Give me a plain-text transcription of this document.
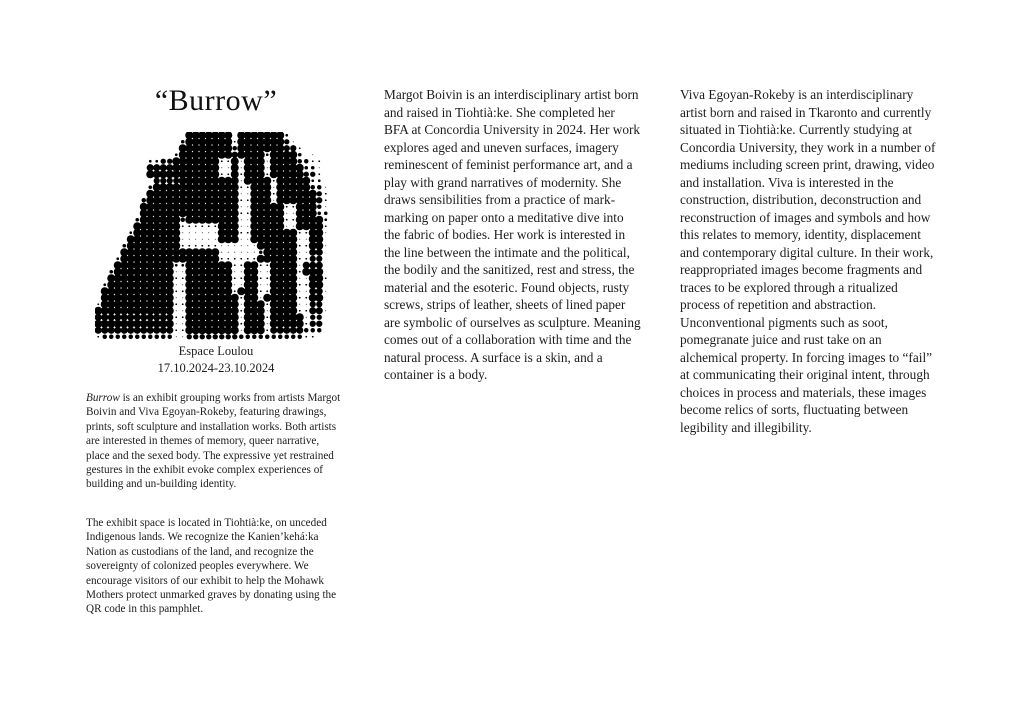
“Burrow”
Espace Loulou
17.10.2024-23.10.2024
Burrow is an exhibit grouping works from artists Margot Boivin and Viva Egoyan-Rokeby, featuring drawings, prints, soft sculpture and installation works. Both artists are interested in themes of memory, queer narrative, place and the sexed body. The expressive yet restrained gestures in the exhibit evoke complex experiences of building and un-building identity.
The exhibit space is located in Tiohtià:ke, on unceded Indigenous lands. We recognize the Kanien’kehá:ka Nation as custodians of the land, and recognize the sovereignty of colonized peoples everywhere. We encourage visitors of our exhibit to help the Mohawk Mothers protect unmarked graves by donating using the QR code in this pamphlet.
Margot Boivin is an interdisciplinary artist born and raised in Tiohtià:ke. She completed her BFA at Concordia University in 2024. Her work explores aged and uneven surfaces, imagery reminescent of feminist performance art, and a play with grand narratives of modernity. She draws sensibilities from a practice of mark-marking on paper onto a meditative dive into the fabric of bodies. Her work is interested in the line between the intimate and the political, the bodily and the sanitized, rest and stress, the material and the esoteric. Found objects, rusty screws, strips of leather, sheets of lined paper are symbolic of ourselves as sculpture. Meaning comes out of a collaboration with time and the natural process. A surface is a skin, and a container is a body.
Viva Egoyan-Rokeby is an interdisciplinary artist born and raised in Tkaronto and currently situated in Tiohtià:ke. Currently studying at Concordia University, they work in a number of mediums including screen print, drawing, video and installation. Viva is interested in the construction, distribution, deconstruction and reconstruction of images and symbols and how this relates to memory, identity, displacement and contemporary digital culture. In their work, reappropriated images become fragments and traces to be explored through a ritualized process of repetition and abstraction. Unconventional pigments such as soot, pomegranate juice and rust take on an alchemical property. In forcing images to “fail” at communicating their original intent, through choices in process and materials, these images become relics of sorts, fluctuating between legibility and illegibility.
